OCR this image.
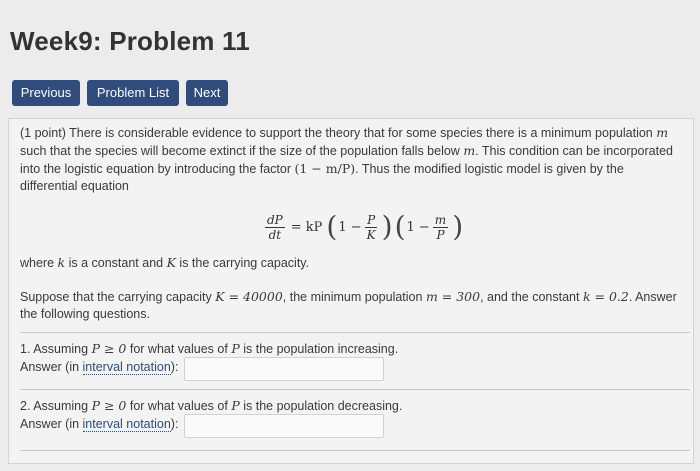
Week9: Problem 11
Previous	Problem List	Next
(1 point) There is considerable evidence to support the theory that for some species there is a minimum population m
such that the species will become extinct if the size of the population falls below m. This condition can be incorporated
into the logistic equation by introducing the factor (1 − m/P). Thus the modified logistic model is given by the
differential equation
$\frac{dP}{dt}$ = kP ( $1 - \frac{P}{K}$ ) ( $1 - \frac{m}{P}$ )
where k is a constant and K is the carrying capacity.
Suppose that the carrying capacity K = 40000, the minimum population m = 300, and the constant k = 0.2. Answer
the following questions.
1. Assuming P ≥ 0 for what values of P is the population increasing.
Answer (in interval notation):
2. Assuming P ≥ 0 for what values of P is the population decreasing.
Answer (in interval notation):
